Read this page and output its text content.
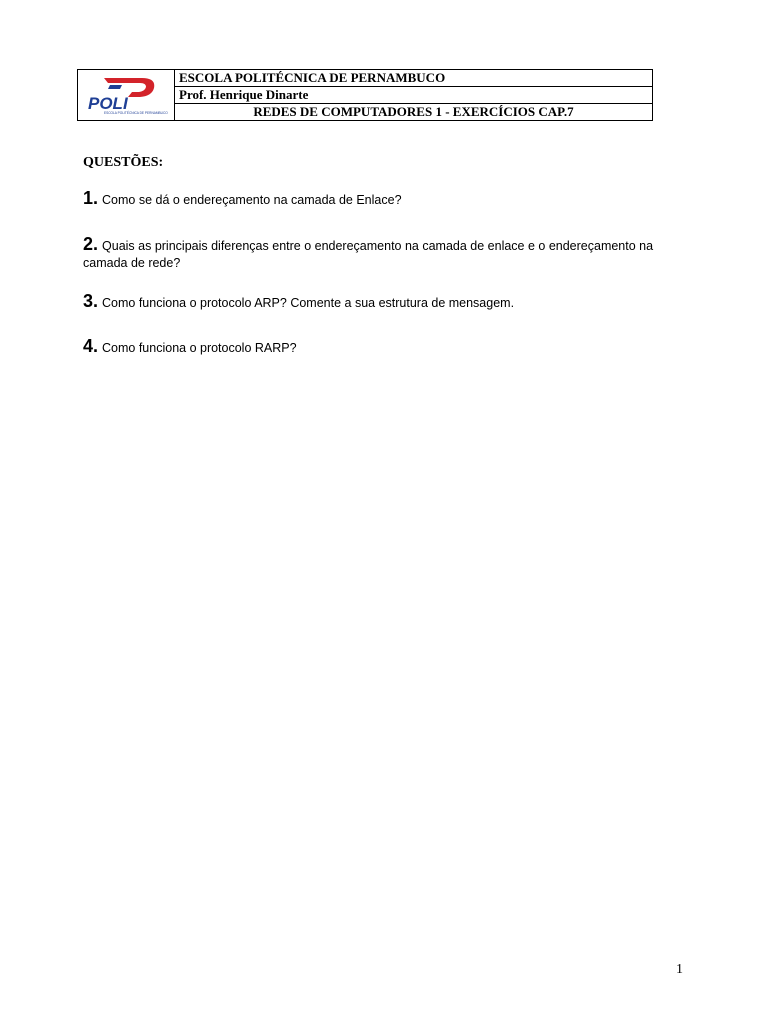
POLI
ESCOLA POLITÉCNICA DE PERNAMBUCO
ESCOLA POLITÉCNICA DE PERNAMBUCO
Prof. Henrique Dinarte
REDES DE COMPUTADORES 1 - EXERCÍCIOS CAP.7
QUESTÕES:
1. Como se dá o endereçamento na camada de Enlace?
2. Quais as principais diferenças entre o endereçamento na camada de enlace e o endereçamento na camada de rede?
3. Como funciona o protocolo ARP? Comente a sua estrutura de mensagem.
4. Como funciona o protocolo RARP?
1
